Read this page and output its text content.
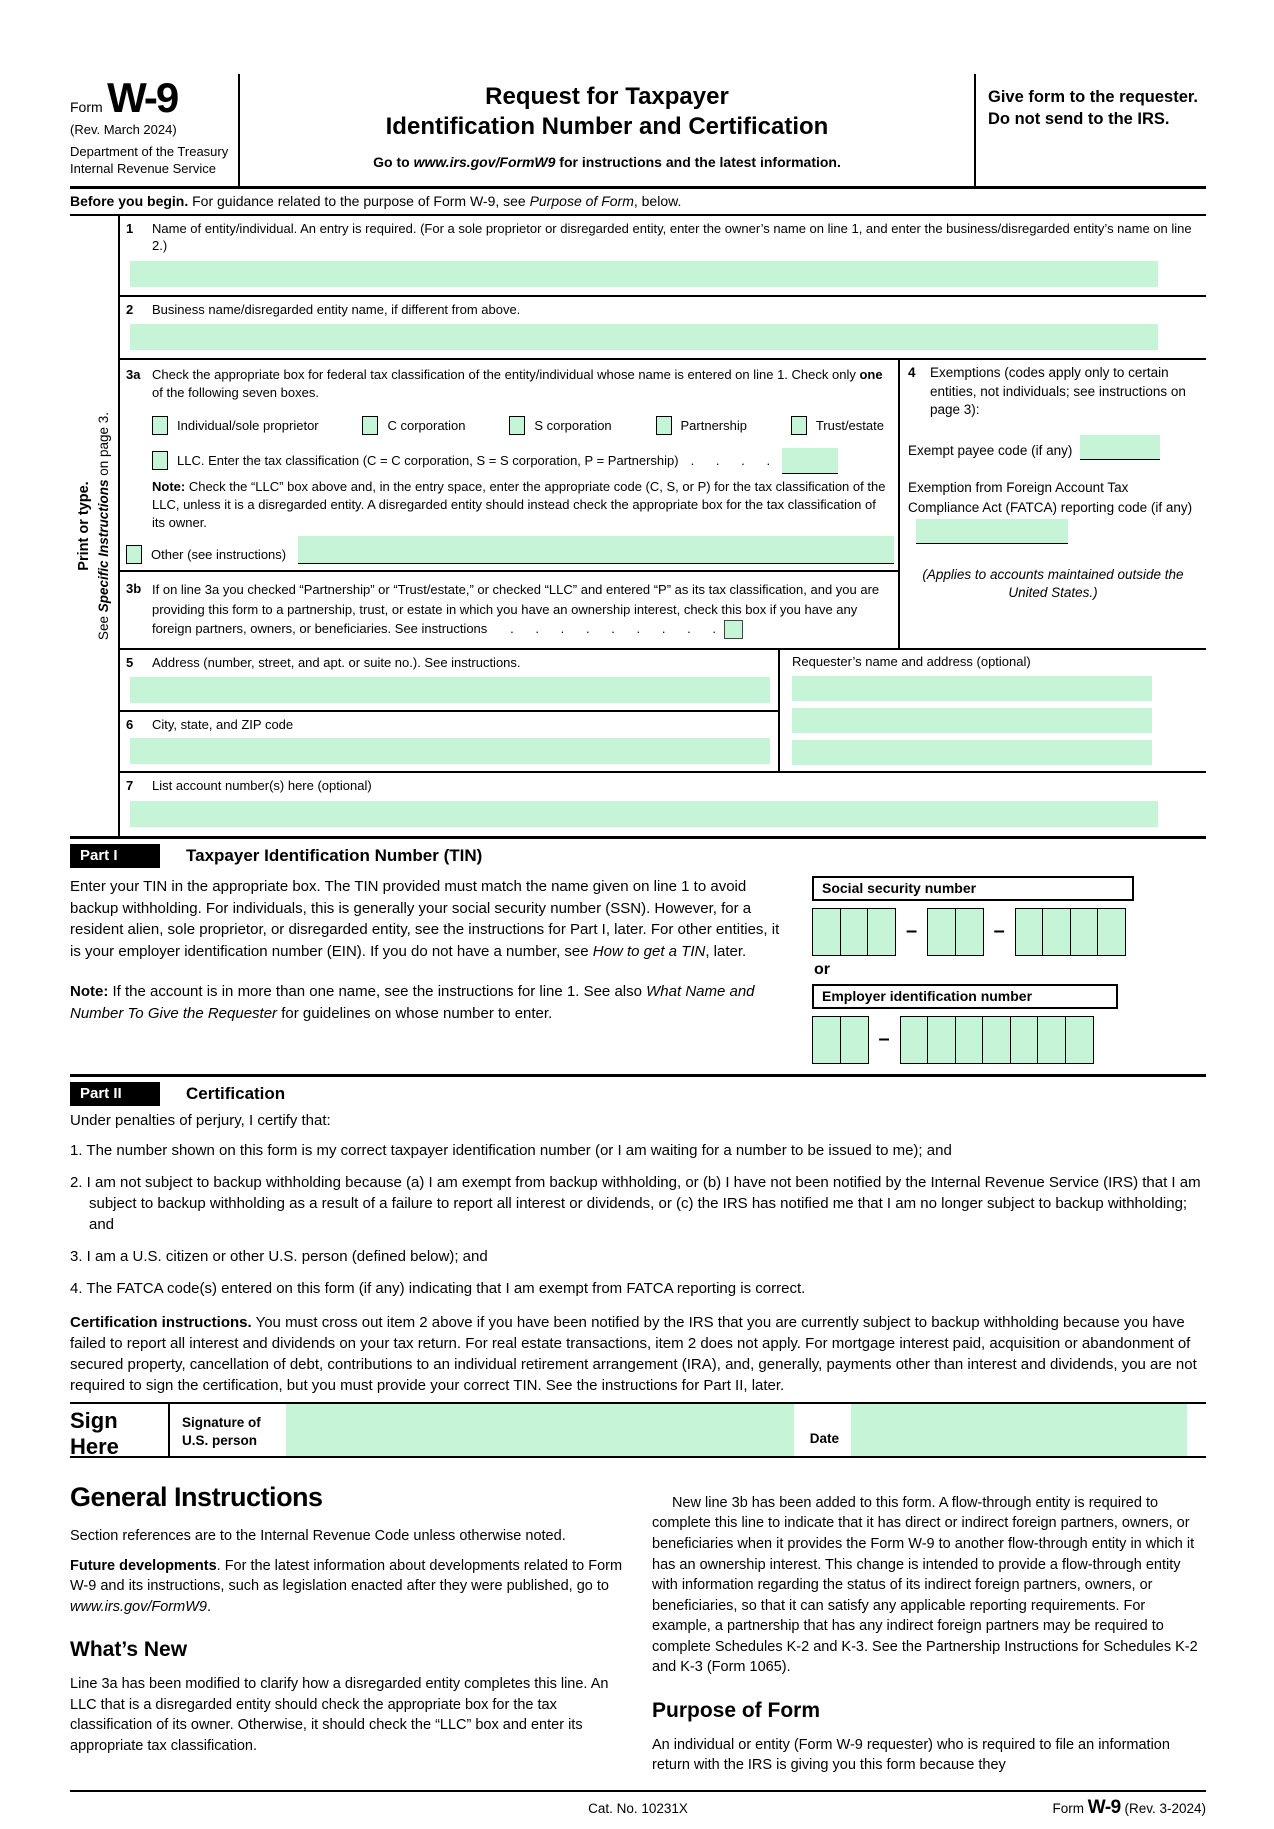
Form W-9
(Rev. March 2024)
Department of the Treasury
Internal Revenue Service
Request for Taxpayer
Identification Number and Certification
Go to www.irs.gov/FormW9 for instructions and the latest information.
Give form to the requester. Do not send to the IRS.
Before you begin. For guidance related to the purpose of Form W-9, see Purpose of Form, below.
Print or type.
See Specific Instructions on page 3.
1	Name of entity/individual. An entry is required. (For a sole proprietor or disregarded entity, enter the owner’s name on line 1, and enter the business/disregarded entity’s name on line 2.)
2	Business name/disregarded entity name, if different from above.
3a Check the appropriate box for federal tax classification of the entity/individual whose name is entered on line 1. Check only one of the following seven boxes.
Individual/sole proprietor	C corporation	S corporation	Partnership	Trust/estate
LLC. Enter the tax classification (C = C corporation, S = S corporation, P = Partnership) .      .      .      .
Note: Check the “LLC” box above and, in the entry space, enter the appropriate code (C, S, or P) for the tax classification of the LLC, unless it is a disregarded entity. A disregarded entity should instead check the appropriate box for the tax classification of its owner.
Other (see instructions)
3b If on line 3a you checked “Partnership” or “Trust/estate,” or checked “LLC” and entered “P” as its tax classification, and you are providing this form to a partnership, trust, or estate in which you have an ownership interest, check this box if you have any foreign partners, owners, or beneficiaries. See instructions   .      .      .      .      .      .      .      .      .
4	Exemptions (codes apply only to certain entities, not individuals; see instructions on page 3):
Exempt payee code (if any)
Exemption from Foreign Account Tax Compliance Act (FATCA) reporting code (if any)
(Applies to accounts maintained outside the United States.)
5	Address (number, street, and apt. or suite no.). See instructions.
6	City, state, and ZIP code
Requester’s name and address (optional)
7	List account number(s) here (optional)
Part I	Taxpayer Identification Number (TIN)

Enter your TIN in the appropriate box. The TIN provided must match the name given on line 1 to avoid backup withholding. For individuals, this is generally your social security number (SSN). However, for a resident alien, sole proprietor, or disregarded entity, see the instructions for Part I, later. For other entities, it is your employer identification number (EIN). If you do not have a number, see How to get a TIN, later.

Note: If the account is in more than one name, see the instructions for line 1. See also What Name and Number To Give the Requester for guidelines on whose number to enter.

Social security number
–	–
or
Employer identification number
–
Part II	Certification

Under penalties of perjury, I certify that:

1. The number shown on this form is my correct taxpayer identification number (or I am waiting for a number to be issued to me); and
2. I am not subject to backup withholding because (a) I am exempt from backup withholding, or (b) I have not been notified by the Internal Revenue Service (IRS) that I am subject to backup withholding as a result of a failure to report all interest or dividends, or (c) the IRS has notified me that I am no longer subject to backup withholding; and
3. I am a U.S. citizen or other U.S. person (defined below); and
4. The FATCA code(s) entered on this form (if any) indicating that I am exempt from FATCA reporting is correct.

Certification instructions. You must cross out item 2 above if you have been notified by the IRS that you are currently subject to backup withholding because you have failed to report all interest and dividends on your tax return. For real estate transactions, item 2 does not apply. For mortgage interest paid, acquisition or abandonment of secured property, cancellation of debt, contributions to an individual retirement arrangement (IRA), and, generally, payments other than interest and dividends, you are not required to sign the certification, but you must provide your correct TIN. See the instructions for Part II, later.

Sign
Here
Signature of
U.S. person	Date
General Instructions

Section references are to the Internal Revenue Code unless otherwise noted.

Future developments. For the latest information about developments related to Form W-9 and its instructions, such as legislation enacted after they were published, go to www.irs.gov/FormW9.

What’s New

Line 3a has been modified to clarify how a disregarded entity completes this line. An LLC that is a disregarded entity should check the appropriate box for the tax classification of its owner. Otherwise, it should check the “LLC” box and enter its appropriate tax classification.

New line 3b has been added to this form. A flow-through entity is required to complete this line to indicate that it has direct or indirect foreign partners, owners, or beneficiaries when it provides the Form W-9 to another flow-through entity in which it has an ownership interest. This change is intended to provide a flow-through entity with information regarding the status of its indirect foreign partners, owners, or beneficiaries, so that it can satisfy any applicable reporting requirements. For example, a partnership that has any indirect foreign partners may be required to complete Schedules K-2 and K-3. See the Partnership Instructions for Schedules K-2 and K-3 (Form 1065).

Purpose of Form

An individual or entity (Form W-9 requester) who is required to file an information return with the IRS is giving you this form because they

Cat. No. 10231X	Form W-9 (Rev. 3-2024)
